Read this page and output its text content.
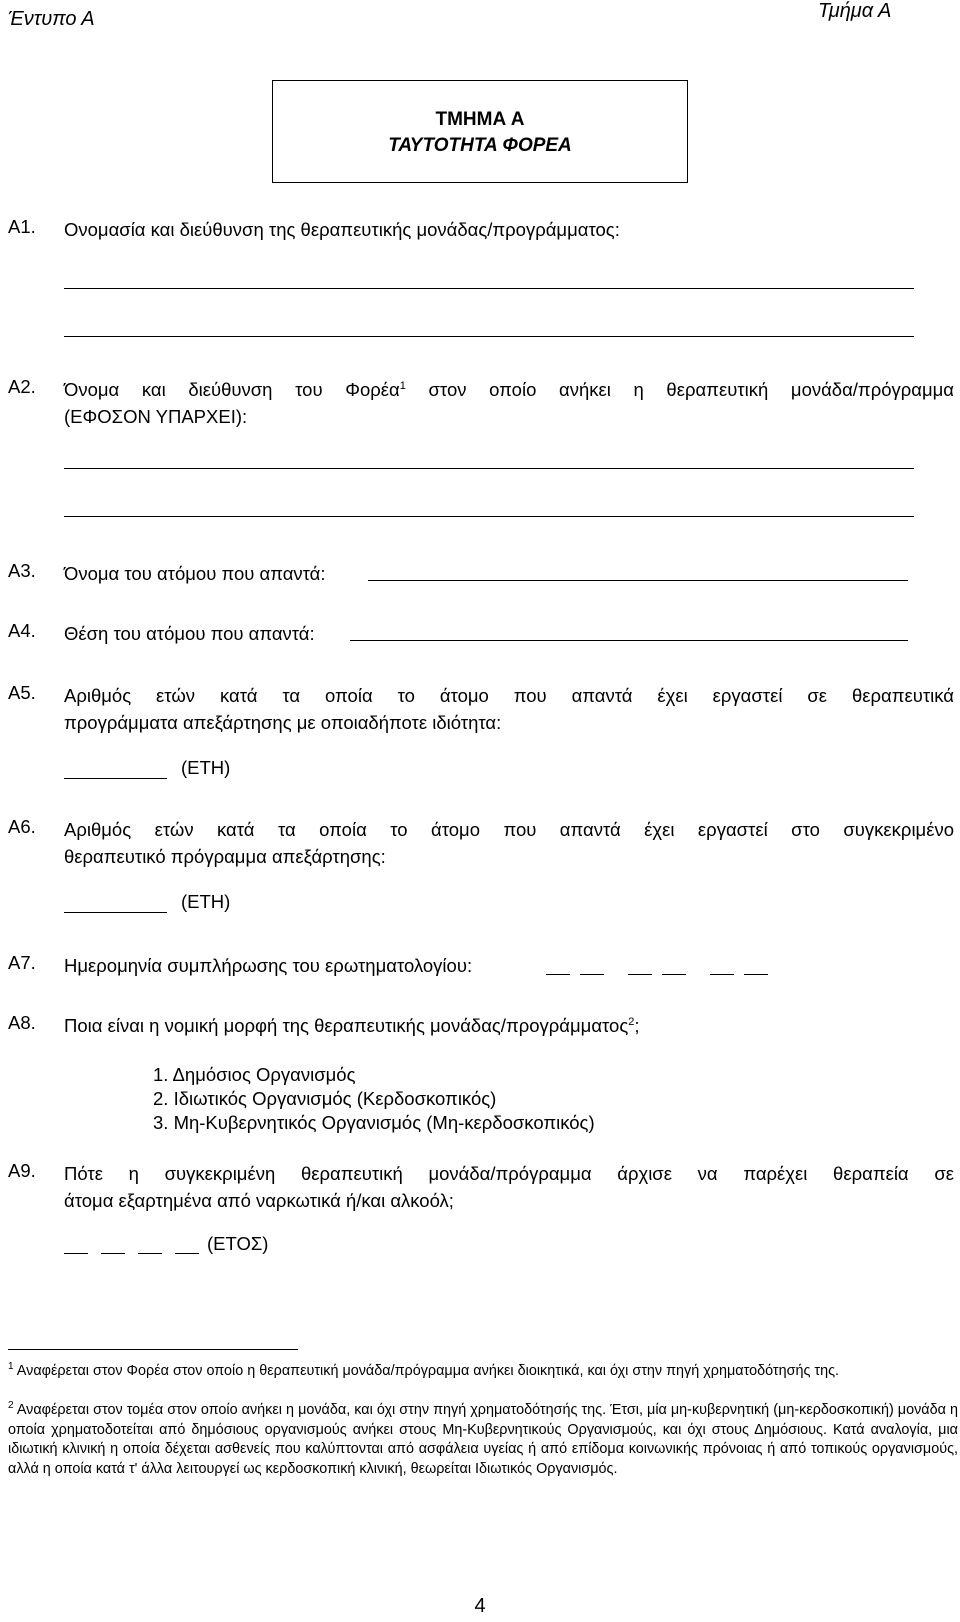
Έντυπο Α	Τμήμα Α
ΤΜΗΜΑ Α
ΤΑΥΤΟΤΗΤΑ ΦΟΡΕΑ
Α1. Ονομασία και διεύθυνση της θεραπευτικής μονάδας/προγράμματος:
Α2. Όνομα και διεύθυνση του Φορέα$^1$ στον οποίο ανήκει η θεραπευτική μονάδα/πρόγραμμα
(ΕΦΟΣΟΝ ΥΠΑΡΧΕΙ):
Α3. Όνομα του ατόμου που απαντά:
Α4. Θέση του ατόμου που απαντά:
Α5. Αριθμός ετών κατά τα οποία το άτομο που απαντά έχει εργαστεί σε θεραπευτικά
προγράμματα απεξάρτησης με οποιαδήποτε ιδιότητα:
(ΕΤΗ)
Α6. Αριθμός ετών κατά τα οποία το άτομο που απαντά έχει εργαστεί στο συγκεκριμένο
θεραπευτικό πρόγραμμα απεξάρτησης:
(ΕΤΗ)
Α7. Ημερομηνία συμπλήρωσης του ερωτηματολογίου:
Α8. Ποια είναι η νομική μορφή της θεραπευτικής μονάδας/προγράμματος$^2$;
1. Δημόσιος Οργανισμός
2. Ιδιωτικός Οργανισμός (Κερδοσκοπικός)
3. Μη-Κυβερνητικός Οργανισμός (Μη-κερδοσκοπικός)
Α9. Πότε η συγκεκριμένη θεραπευτική μονάδα/πρόγραμμα άρχισε να παρέχει θεραπεία σε
άτομα εξαρτημένα από ναρκωτικά ή/και αλκοόλ;
(ΕΤΟΣ)
$^1$ Αναφέρεται στον Φορέα στον οποίο η θεραπευτική μονάδα/πρόγραμμα ανήκει διοικητικά, και όχι στην πηγή χρηματοδότησής της.
$^2$ Αναφέρεται στον τομέα στον οποίο ανήκει η μονάδα, και όχι στην πηγή χρηματοδότησής της. Έτσι, μία μη-κυβερνητική (μη-κερδοσκοπική) μονάδα η οποία χρηματοδοτείται από δημόσιους οργανισμούς ανήκει στους Μη-Κυβερνητικούς Οργανισμούς, και όχι στους Δημόσιους. Κατά αναλογία, μια ιδιωτική κλινική η οποία δέχεται ασθενείς που καλύπτονται από ασφάλεια υγείας ή από επίδομα κοινωνικής πρόνοιας ή από τοπικούς οργανισμούς, αλλά η οποία κατά τ' άλλα λειτουργεί ως κερδοσκοπική κλινική, θεωρείται Ιδιωτικός Οργανισμός.
4
